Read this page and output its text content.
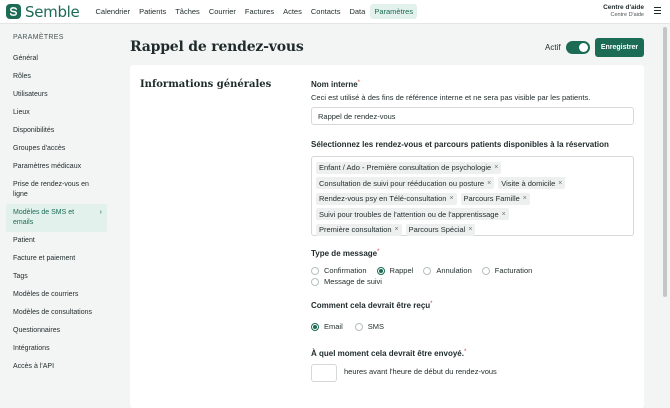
Semble	Calendrier	Patients	Tâches	Courrier	Factures	Actes	Contacts	Data	Paramètres	Centre d'aide
Centre D'aide
PARAMÈTRES
Général
Rôles
Utilisateurs
Lieux
Disponibilités
Groupes d'accès
Paramètres médicaux
Prise de rendez-vous en ligne
Modèles de SMS et emails
›
Patient
Facture et paiement
Tags
Modèles de courriers
Modèles de consultations
Questionnaires
Intégrations
Accès à l'API
Rappel de rendez-vous	Actif	Enregistrer
Informations générales	Nom interne*
Ceci est utilisé à des fins de référence interne et ne sera pas visible par les patients.
Rappel de rendez-vous
Sélectionnez les rendez-vous et parcours patients disponibles à la réservation
Enfant / Ado - Première consultation de psychologie ×
Consultation de suivi pour rééducation ou posture × Visite à domicile ×
Rendez-vous psy en Télé-consultation × Parcours Famille ×
Suivi pour troubles de l'attention ou de l'apprentissage ×
Première consultation × Parcours Spécial ×
Type de message*
Confirmation	Rappel	Annulation	Facturation
Message de suivi
Comment cela devrait être reçu*
Email	SMS
À quel moment cela devrait être envoyé.*
heures avant l'heure de début du rendez-vous
